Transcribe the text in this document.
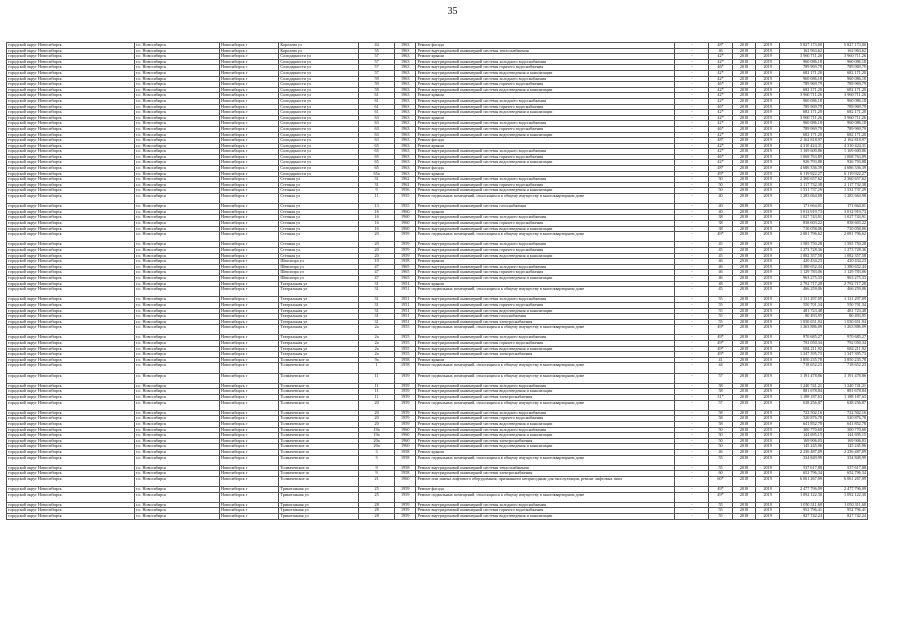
35
городской округ Новосибирск	г.о. Новосибирск	Новосибирск г	Королева ул	44	1963	Ремонт фасада	-	48*	2018	2019	5 827 173,00	5 827 173,00
городской округ Новосибирск	г.о. Новосибирск	Новосибирск г	Королева ул	55	1963	Ремонт внутридомовой инженерной системы теплоснабжения	-	46	2018	2019	162 963,62	162 963,62
городской округ Новосибирск	г.о. Новосибирск	Новосибирск г	Солидарности ул	57	1963	Ремонт крыши	-	42*	2018	2019	3 960 711,26	3 960 711,26
городской округ Новосибирск	г.о. Новосибирск	Новосибирск г	Солидарности ул	57	1963	Ремонт внутридомовой инженерной системы холодного водоснабжения	-	42*	2018	2019	960 086,18	960 086,18
городской округ Новосибирск	г.о. Новосибирск	Новосибирск г	Солидарности ул	57	1963	Ремонт внутридомовой инженерной системы горячего водоснабжения	-	46*	2018	2019	789 969,79	789 969,79
городской округ Новосибирск	г.о. Новосибирск	Новосибирск г	Солидарности ул	57	1963	Ремонт внутридомовой инженерной системы водоотведения и канализации	-	42*	2018	2019	682 171,20	682 171,20
городской округ Новосибирск	г.о. Новосибирск	Новосибирск г	Солидарности ул	59	1963	Ремонт внутридомовой инженерной системы холодного водоснабжения	-	42*	2018	2019	960 086,18	960 086,18
городской округ Новосибирск	г.о. Новосибирск	Новосибирск г	Солидарности ул	59	1963	Ремонт внутридомовой инженерной системы горячего водоснабжения	-	46*	2018	2019	789 969,79	789 969,79
городской округ Новосибирск	г.о. Новосибирск	Новосибирск г	Солидарности ул	59	1963	Ремонт внутридомовой инженерной системы водоотведения и канализации	-	42*	2018	2019	682 171,20	682 171,20
городской округ Новосибирск	г.о. Новосибирск	Новосибирск г	Солидарности ул	61	1963	Ремонт крыши	-	42*	2018	2019	3 960 711,26	3 960 711,26
городской округ Новосибирск	г.о. Новосибирск	Новосибирск г	Солидарности ул	61	1963	Ремонт внутридомовой инженерной системы холодного водоснабжения	-	42*	2018	2019	960 086,18	960 086,18
городской округ Новосибирск	г.о. Новосибирск	Новосибирск г	Солидарности ул	61	1963	Ремонт внутридомовой инженерной системы горячего водоснабжения	-	46*	2018	2019	789 969,79	789 969,79
городской округ Новосибирск	г.о. Новосибирск	Новосибирск г	Солидарности ул	61	1963	Ремонт внутридомовой инженерной системы водоотведения и канализации	-	42*	2018	2019	682 171,20	682 171,20
городской округ Новосибирск	г.о. Новосибирск	Новосибирск г	Солидарности ул	63	1963	Ремонт крыши	-	42*	2018	2019	3 960 711,26	3 960 711,26
городской округ Новосибирск	г.о. Новосибирск	Новосибирск г	Солидарности ул	63	1963	Ремонт внутридомовой инженерной системы холодного водоснабжения	-	42*	2018	2019	960 086,18	960 086,18
городской округ Новосибирск	г.о. Новосибирск	Новосибирск г	Солидарности ул	63	1963	Ремонт внутридомовой инженерной системы горячего водоснабжения	-	46*	2018	2019	789 969,79	789 969,79
городской округ Новосибирск	г.о. Новосибирск	Новосибирск г	Солидарности ул	63	1963	Ремонт внутридомовой инженерной системы водоотведения и канализации	-	42*	2018	2019	682 171,20	682 171,20
городской округ Новосибирск	г.о. Новосибирск	Новосибирск г	Солидарности ул	63	1963	Ремонт фасада	-	48*	2018	2019	2 162 818,97	2 162 818,97
городской округ Новосибирск	г.о. Новосибирск	Новосибирск г	Солидарности ул	65	1963	Ремонт крыши	-	42*	2018	2019	4 310 424,31	4 310 424,31
городской округ Новосибирск	г.о. Новосибирск	Новосибирск г	Солидарности ул	65	1963	Ремонт внутридомовой инженерной системы холодного водоснабжения	-	42*	2018	2019	1 169 600,86	1 169 600,86
городской округ Новосибирск	г.о. Новосибирск	Новосибирск г	Солидарности ул	65	1963	Ремонт внутридомовой инженерной системы горячего водоснабжения	-	46*	2018	2019	1 068 763,89	1 068 763,89
городской округ Новосибирск	г.о. Новосибирск	Новосибирск г	Солидарности ул	65	1963	Ремонт внутридомовой инженерной системы водоотведения и канализации	-	42*	2018	2019	926 793,88	926 793,88
городской округ Новосибирск	г.о. Новосибирск	Новосибирск г	Солидарности ул	65	1963	Ремонт фасада	-	48*	2018	2019	4 686 336,39	4 686 336,39
городской округ Новосибирск	г.о. Новосибирск	Новосибирск г	Солидарности ул	65а	1963	Ремонт крыши	-	49*	2018	2019	6 119 922,27	6 119 922,27
городской округ Новосибирск	г.о. Новосибирск	Новосибирск г	Степная ул	31	1962	Ремонт внутридомовой инженерной системы холодного водоснабжения	-	50	2018	2019	2 360 657,62	2 360 657,62
городской округ Новосибирск	г.о. Новосибирск	Новосибирск г	Степная ул	31	1962	Ремонт внутридомовой инженерной системы горячего водоснабжения	-	50	2018	2019	2 117 732,38	2 117 732,38
городской округ Новосибирск	г.о. Новосибирск	Новосибирск г	Степная ул	9	1956	Ремонт внутридомовой инженерной системы водоотведения и канализации	-	50	2018	2019	1 531 737,29	1 531 737,29
городской округ Новосибирск	г.о. Новосибирск	Новосибирск г	Степная ул	11	1955	Ремонт подвальных помещений, относящихся к общему имуществу в многоквартирном доме	-	40	2018	2019	1 283 664,98	1 283 664,98
городской округ Новосибирск	г.о. Новосибирск	Новосибирск г	Степная ул	13	1955	Ремонт внутридомовой инженерной системы газоснабжения	-	40	2018	2019	171 664,01	171 664,01
городской округ Новосибирск	г.о. Новосибирск	Новосибирск г	Степная ул	16	1960	Ремонт крыши	-	40	2018	2019	3 012 919,73	3 012 919,73
городской округ Новосибирск	г.о. Новосибирск	Новосибирск г	Степная ул	16	1960	Ремонт внутридомовой инженерной системы холодного водоснабжения	-	38	2018	2019	1 027 743,91	1 027 743,91
городской округ Новосибирск	г.о. Новосибирск	Новосибирск г	Степная ул	16	1960	Ремонт внутридомовой инженерной системы горячего водоснабжения	-	38	2018	2019	838 603,22	838 603,22
городской округ Новосибирск	г.о. Новосибирск	Новосибирск г	Степная ул	16	1960	Ремонт внутридомовой инженерной системы водоотведения и канализации	-	38	2018	2019	710 058,06	710 058,06
городской округ Новосибирск	г.о. Новосибирск	Новосибирск г	Степная ул	20	1959	Ремонт подвальных помещений, относящихся к общему имуществу в многоквартирном доме	-	49*	2018	2019	2 081 796,62	2 081 796,62
городской округ Новосибирск	г.о. Новосибирск	Новосибирск г	Степная ул	20	1959	Ремонт внутридомовой инженерной системы холодного водоснабжения	-	45	2018	2019	1 585 750,28	1 585 750,28
городской округ Новосибирск	г.о. Новосибирск	Новосибирск г	Степная ул	20	1959	Ремонт внутридомовой инженерной системы горячего водоснабжения	-	45	2018	2019	1 273 728,36	1 273 728,36
городской округ Новосибирск	г.о. Новосибирск	Новосибирск г	Степная ул	20	1959	Ремонт внутридомовой инженерной системы водоотведения и канализации	-	45	2018	2019	1 082 357,58	1 082 357,58
городской округ Новосибирск	г.о. Новосибирск	Новосибирск г	Шекспира ул	10	1958	Ремонт крыши	-	46	2018	2019	420 434,23	420 434,23
городской округ Новосибирск	г.о. Новосибирск	Новосибирск г	Шекспира ул	47	1965	Ремонт внутридомовой инженерной системы холодного водоснабжения	-	46	2018	2019	1 380 652,44	1 380 652,44
городской округ Новосибирск	г.о. Новосибирск	Новосибирск г	Шекспира ул	47	1965	Ремонт внутридомовой инженерной системы горячего водоснабжения	-	46	2018	2019	1 129 783,06	1 129 783,06
городской округ Новосибирск	г.о. Новосибирск	Новосибирск г	Шекспира ул	47	1965	Ремонт внутридомовой инженерной системы водоотведения и канализации	-	46	2018	2019	963 275,33	963 275,33
городской округ Новосибирск	г.о. Новосибирск	Новосибирск г	Театральная ул	31	1951	Ремонт крыши	-	48	2018	2019	2 792 717,28	2 792 717,28
городской округ Новосибирск	г.о. Новосибирск	Новосибирск г	Театральная ул	31	1951	Ремонт подвальных помещений, относящихся к общему имуществу в многоквартирном доме	-	45	2018	2019	466 259,06	466 259,06
городской округ Новосибирск	г.о. Новосибирск	Новосибирск г	Театральная ул	31	1951	Ремонт внутридомовой инженерной системы холодного водоснабжения	-	55	2018	2019	1 131 297,09	1 131 297,09
городской округ Новосибирск	г.о. Новосибирск	Новосибирск г	Театральная ул	31	1951	Ремонт внутридомовой инженерной системы горячего водоснабжения	-	55	2018	2019	550 701,34	550 701,34
городской округ Новосибирск	г.о. Новосибирск	Новосибирск г	Театральная ул	31	1951	Ремонт внутридомовой инженерной системы водоотведения и канализации	-	55	2018	2019	481 723,48	481 723,48
городской округ Новосибирск	г.о. Новосибирск	Новосибирск г	Театральная ул	31	1951	Ремонт внутридомовой инженерной системы газоснабжения	-	55	2018	2019	80 493,95	80 493,95
городской округ Новосибирск	г.о. Новосибирск	Новосибирск г	Театральная ул	31	1951	Ремонт внутридомовой инженерной системы электроснабжения	-	55	2018	2019	1 030 651,94	1 030 651,94
городской округ Новосибирск	г.о. Новосибирск	Новосибирск г	Театральная ул	2а	1955	Ремонт подвальных помещений, относящихся к общему имуществу в многоквартирном доме	-	49*	2018	2019	1 263 886,09	1 263 886,09
городской округ Новосибирск	г.о. Новосибирск	Новосибирск г	Театральная ул	2а	1955	Ремонт внутридомовой инженерной системы холодного водоснабжения	-	49*	2018	2019	970 685,27	970 685,27
городской округ Новосибирск	г.о. Новосибирск	Новосибирск г	Театральная ул	2а	1955	Ремонт внутридомовой инженерной системы горячего водоснабжения	-	49*	2018	2019	792 050,34	792 050,34
городской округ Новосибирск	г.о. Новосибирск	Новосибирск г	Театральная ул	2а	1955	Ремонт внутридомовой инженерной системы водоотведения и канализации	-	49*	2018	2019	684 211,92	684 211,92
городской округ Новосибирск	г.о. Новосибирск	Новосибирск г	Театральная ул	2а	1955	Ремонт внутридомовой инженерной системы электроснабжения	-	49*	2018	2019	1 347 395,73	1 347 395,73
городской округ Новосибирск	г.о. Новосибирск	Новосибирск г	Толмачевское ш	9а	1958	Ремонт крыши	-	41	2018	2019	3 850 235,78	3 850 235,78
городской округ Новосибирск	г.о. Новосибирск	Новосибирск г	Толмачевское ш	1	1958	Ремонт подвальных помещений, относящихся к общему имуществу в многоквартирном доме	-	44	2018	2019	718 652,23	718 652,23
городской округ Новосибирск	г.о. Новосибирск	Новосибирск г	Толмачевское ш	11	1959	Ремонт подвальных помещений, относящихся к общему имуществу в многоквартирном доме	-	57	2018	2019	1 191 478,86	1 191 478,86
городской округ Новосибирск	г.о. Новосибирск	Новосибирск г	Толмачевское ш	11	1959	Ремонт внутридомовой инженерной системы холодного водоснабжения	-	58	2018	2019	1 240 741,21	1 240 741,21
городской округ Новосибирск	г.о. Новосибирск	Новосибирск г	Толмачевское ш	11	1959	Ремонт внутридомовой инженерной системы водоотведения и канализации	-	58	2018	2019	881 678,84	881 678,84
городской округ Новосибирск	г.о. Новосибирск	Новосибирск г	Толмачевское ш	11	1959	Ремонт внутридомовой инженерной системы электроснабжения	-	31*	2018	2019	1 188 187,63	1 188 187,63
городской округ Новосибирск	г.о. Новосибирск	Новосибирск г	Толмачевское ш	20	1959	Ремонт подвальных помещений, относящихся к общему имуществу в многоквартирном доме	-	57	2018	2019	638 256,87	638 256,87
городской округ Новосибирск	г.о. Новосибирск	Новосибирск г	Толмачевское ш	20	1959	Ремонт внутридомовой инженерной системы холодного водоснабжения	-	58	2018	2019	722 502,16	722 502,16
городской округ Новосибирск	г.о. Новосибирск	Новосибирск г	Толмачевское ш	20	1959	Ремонт внутридомовой инженерной системы горячего водоснабжения	-	58	2018	2019	520 876,78	520 876,78
городской округ Новосибирск	г.о. Новосибирск	Новосибирск г	Толмачевское ш	20	1959	Ремонт внутридомовой инженерной системы водоотведения и канализации	-	58	2018	2019	641 852,78	641 852,78
городской округ Новосибирск	г.о. Новосибирск	Новосибирск г	Толмачевское ш	19а	1960	Ремонт внутридомовой инженерной системы холодного водоснабжения	-	50	2018	2019	300 770,60	300 770,60
городской округ Новосибирск	г.о. Новосибирск	Новосибирск г	Толмачевское ш	19а	1960	Ремонт внутридомовой инженерной системы водоотведения и канализации	-	50	2018	2019	144 695,15	144 695,15
городской округ Новосибирск	г.о. Новосибирск	Новосибирск г	Толмачевское ш	20а	1960	Ремонт внутридомовой инженерной системы электроснабжения	-	50	2018	2019	169 906,03	169 906,03
городской округ Новосибирск	г.о. Новосибирск	Новосибирск г	Толмачевское ш	20а	1960	Ремонт внутридомовой инженерной системы водоотведения и канализации	-	50	2018	2019	145 245,96	145 245,96
городской округ Новосибирск	г.о. Новосибирск	Новосибирск г	Толмачевское ш	3	1958	Ремонт крыши	-	46	2018	2019	2 236 487,09	2 236 487,09
городской округ Новосибирск	г.о. Новосибирск	Новосибирск г	Толмачевское ш	3	1958	Ремонт подвальных помещений, относящихся к общему имуществу в многоквартирном доме	-	55	2018	2019	334 849,99	334 849,99
городской округ Новосибирск	г.о. Новосибирск	Новосибирск г	Толмачевское ш	9	1958	Ремонт внутридомовой инженерной системы теплоснабжения	-	55	2018	2019	537 617,88	537 617,88
городской округ Новосибирск	г.о. Новосибирск	Новосибирск г	Толмачевское ш	9	1958	Ремонт внутридомовой инженерной системы электроснабжения	-	60	2018	2019	652 796,34	652 796,34
городской округ Новосибирск	г.о. Новосибирск	Новосибирск г	Толмачевское ш	21	1960	Ремонт или замена лифтового оборудования, признанного непригодным для эксплуатации, ремонт лифтовых шахт	-	60*	2018	2019	6 061 267,09	6 061 267,09
городской округ Новосибирск	г.о. Новосибирск	Новосибирск г	Трикотажная ул	25	1959	Ремонт фасада	-	49*	2018	2019	2 477 796,09	2 477 796,09
городской округ Новосибирск	г.о. Новосибирск	Новосибирск г	Трикотажная ул	25	1959	Ремонт подвальных помещений, относящихся к общему имуществу в многоквартирном доме	-	49*	2018	2019	1 092 122,30	1 092 122,30
городской округ Новосибирск	г.о. Новосибирск	Новосибирск г	Трикотажная ул	28	1959	Ремонт внутридомовой инженерной системы холодного водоснабжения	-	55	2018	2019	1 050 311,60	1 050 311,60
городской округ Новосибирск	г.о. Новосибирск	Новосибирск г	Трикотажная ул	28	1959	Ремонт внутридомовой инженерной системы горячего водоснабжения	-	55	2018	2019	952 796,41	952 796,41
городской округ Новосибирск	г.о. Новосибирск	Новосибирск г	Трикотажная ул	28	1959	Ремонт внутридомовой инженерной системы водоотведения и канализации	-	55	2018	2019	827 742,24	827 742,24
